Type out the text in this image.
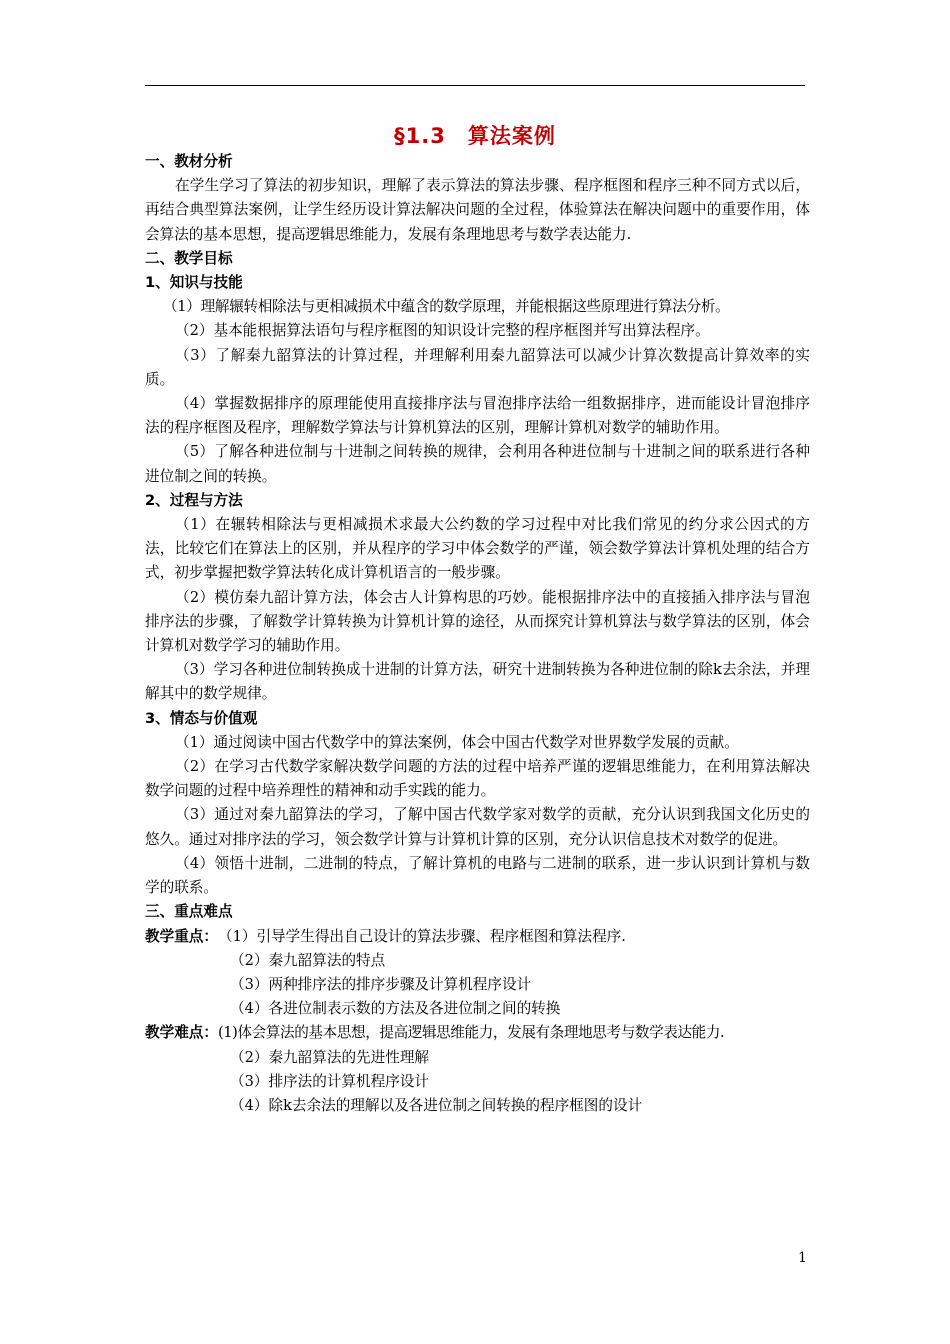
§1.3　算法案例

一、教材分析

在学生学习了算法的初步知识，理解了表示算法的算法步骤、程序框图和程序三种不同方式以后，再结合典型算法案例，让学生经历设计算法解决问题的全过程，体验算法在解决问题中的重要作用，体会算法的基本思想，提高逻辑思维能力，发展有条理地思考与数学表达能力.

二、教学目标

1、知识与技能

（1）理解辗转相除法与更相减损术中蕴含的数学原理，并能根据这些原理进行算法分析。

（2）基本能根据算法语句与程序框图的知识设计完整的程序框图并写出算法程序。

（3）了解秦九韶算法的计算过程，并理解利用秦九韶算法可以减少计算次数提高计算效率的实质。

（4）掌握数据排序的原理能使用直接排序法与冒泡排序法给一组数据排序，进而能设计冒泡排序法的程序框图及程序，理解数学算法与计算机算法的区别，理解计算机对数学的辅助作用。

（5）了解各种进位制与十进制之间转换的规律，会利用各种进位制与十进制之间的联系进行各种进位制之间的转换。

2、过程与方法

（1）在辗转相除法与更相减损术求最大公约数的学习过程中对比我们常见的约分求公因式的方法，比较它们在算法上的区别，并从程序的学习中体会数学的严谨，领会数学算法计算机处理的结合方式，初步掌握把数学算法转化成计算机语言的一般步骤。

（2）模仿秦九韶计算方法，体会古人计算构思的巧妙。能根据排序法中的直接插入排序法与冒泡排序法的步骤，了解数学计算转换为计算机计算的途径，从而探究计算机算法与数学算法的区别，体会计算机对数学学习的辅助作用。

（3）学习各种进位制转换成十进制的计算方法，研究十进制转换为各种进位制的除k去余法，并理解其中的数学规律。

3、情态与价值观

（1）通过阅读中国古代数学中的算法案例，体会中国古代数学对世界数学发展的贡献。

（2）在学习古代数学家解决数学问题的方法的过程中培养严谨的逻辑思维能力，在利用算法解决数学问题的过程中培养理性的精神和动手实践的能力。

（3）通过对秦九韶算法的学习，了解中国古代数学家对数学的贡献，充分认识到我国文化历史的悠久。通过对排序法的学习，领会数学计算与计算机计算的区别，充分认识信息技术对数学的促进。

（4）领悟十进制，二进制的特点，了解计算机的电路与二进制的联系，进一步认识到计算机与数学的联系。

三、重点难点

教学重点： （1）引导学生得出自己设计的算法步骤、程序框图和算法程序.

（2）秦九韶算法的特点

（3）两种排序法的排序步骤及计算机程序设计

（4）各进位制表示数的方法及各进位制之间的转换

教学难点： (1)体会算法的基本思想，提高逻辑思维能力，发展有条理地思考与数学表达能力.

（2）秦九韶算法的先进性理解

（3）排序法的计算机程序设计

（4）除k去余法的理解以及各进位制之间转换的程序框图的设计

1
